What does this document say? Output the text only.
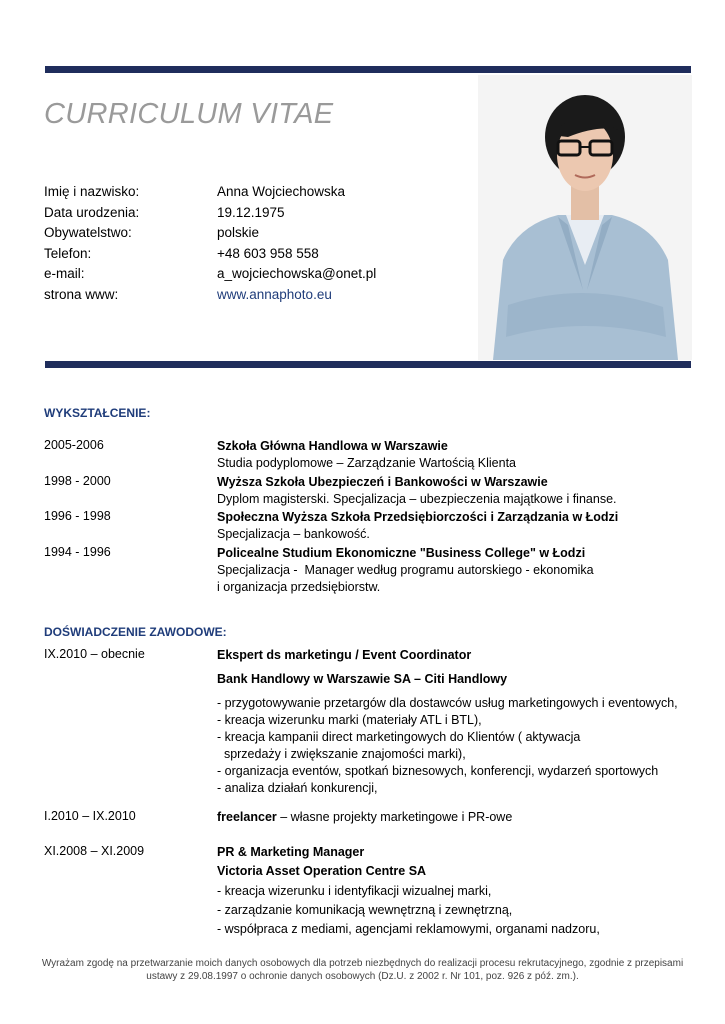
CURRICULUM VITAE
Imię i nazwisko:	Anna Wojciechowska
Data urodzenia:	19.12.1975
Obywatelstwo:	polskie
Telefon:	+48 603 958 558
e-mail:	a_wojciechowska@onet.pl
strona www:	www.annaphoto.eu
WYKSZTAŁCENIE:
2005-2006	Szkoła Główna Handlowa w Warszawie
Studia podyplomowe – Zarządzanie Wartością Klienta
1998 - 2000	Wyższa Szkoła Ubezpieczeń i Bankowości w Warszawie
Dyplom magisterski. Specjalizacja – ubezpieczenia majątkowe i finanse.
1996 - 1998	Społeczna Wyższa Szkoła Przedsiębiorczości i Zarządzania w Łodzi
Specjalizacja – bankowość.
1994 - 1996	Policealne Studium Ekonomiczne "Business College" w Łodzi
Specjalizacja -  Manager według programu autorskiego - ekonomika
i organizacja przedsiębiorstw.
DOŚWIADCZENIE ZAWODOWE:
IX.2010 – obecnie	Ekspert ds marketingu / Event Coordinator
Bank Handlowy w Warszawie SA – Citi Handlowy
- przygotowywanie przetargów dla dostawców usług marketingowych i eventowych,
- kreacja wizerunku marki (materiały ATL i BTL),
- kreacja kampanii direct marketingowych do Klientów ( aktywacja
sprzedaży i zwiększanie znajomości marki),
- organizacja eventów, spotkań biznesowych, konferencji, wydarzeń sportowych
- analiza działań konkurencji,
I.2010 – IX.2010	freelancer – własne projekty marketingowe i PR-owe
XI.2008 – XI.2009	PR & Marketing Manager
Victoria Asset Operation Centre SA
- kreacja wizerunku i identyfikacji wizualnej marki,
- zarządzanie komunikacją wewnętrzną i zewnętrzną,
- współpraca z mediami, agencjami reklamowymi, organami nadzoru,
Wyrażam zgodę na przetwarzanie moich danych osobowych dla potrzeb niezbędnych do realizacji procesu rekrutacyjnego, zgodnie z przepisami
ustawy z 29.08.1997 o ochronie danych osobowych (Dz.U. z 2002 r. Nr 101, poz. 926 z póź. zm.).
